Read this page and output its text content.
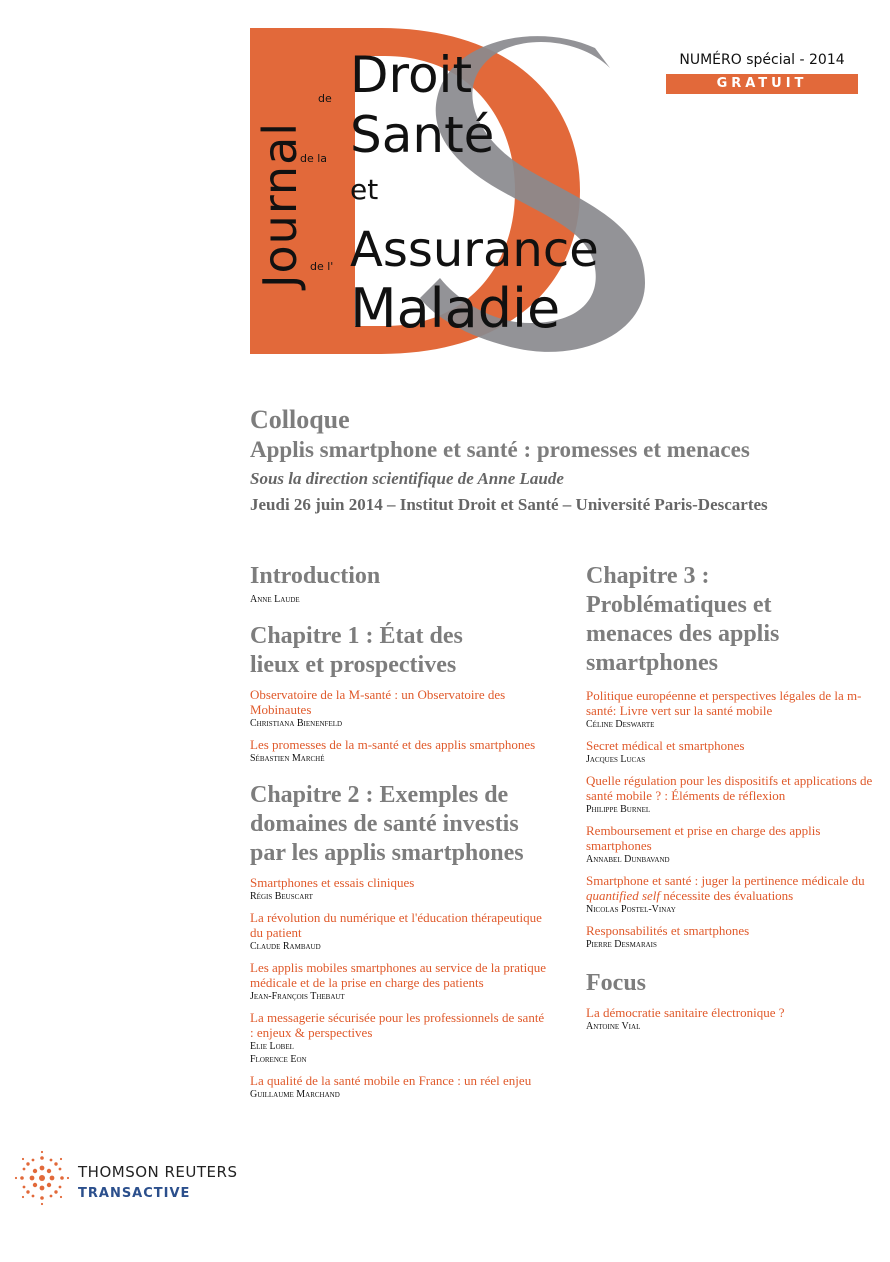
Journal
de Droit
de la Santé
et
de l' Assurance
Maladie
NUMÉRO spécial - 2014
GRATUIT
Colloque
Applis smartphone et santé : promesses et menaces
Sous la direction scientifique de Anne Laude
Jeudi 26 juin 2014 – Institut Droit et Santé – Université Paris-Descartes
Introduction
Anne Laude
Chapitre 1 : État des lieux et prospectives
Observatoire de la M-santé : un Observatoire des Mobinautes
Christiana Bienenfeld
Les promesses de la m-santé et des applis smartphones
Sébastien Marché
Chapitre 2 : Exemples de domaines de santé investis par les applis smartphones
Smartphones et essais cliniques
Régis Beuscart
La révolution du numérique et l'éducation thérapeutique du patient
Claude Rambaud
Les applis mobiles smartphones au service de la pratique médicale et de la prise en charge des patients
Jean-François Thebaut
La messagerie sécurisée pour les professionnels de santé : enjeux & perspectives
Elie Lobel
Florence Eon
La qualité de la santé mobile en France : un réel enjeu
Guillaume Marchand
Chapitre 3 : Problématiques et menaces des applis smartphones
Politique européenne et perspectives légales de la m-santé: Livre vert sur la santé mobile
Céline Deswarte
Secret médical et smartphones
Jacques Lucas
Quelle régulation pour les dispositifs et applications de santé mobile ? : Éléments de réflexion
Philippe Burnel
Remboursement et prise en charge des applis smartphones
Annabel Dunbavand
Smartphone et santé : juger la pertinence médicale du quantified self nécessite des évaluations
Nicolas Postel-Vinay
Responsabilités et smartphones
Pierre Desmarais
Focus
La démocratie sanitaire électronique ?
Antoine Vial
THOMSON REUTERS
TRANSACTIVE
